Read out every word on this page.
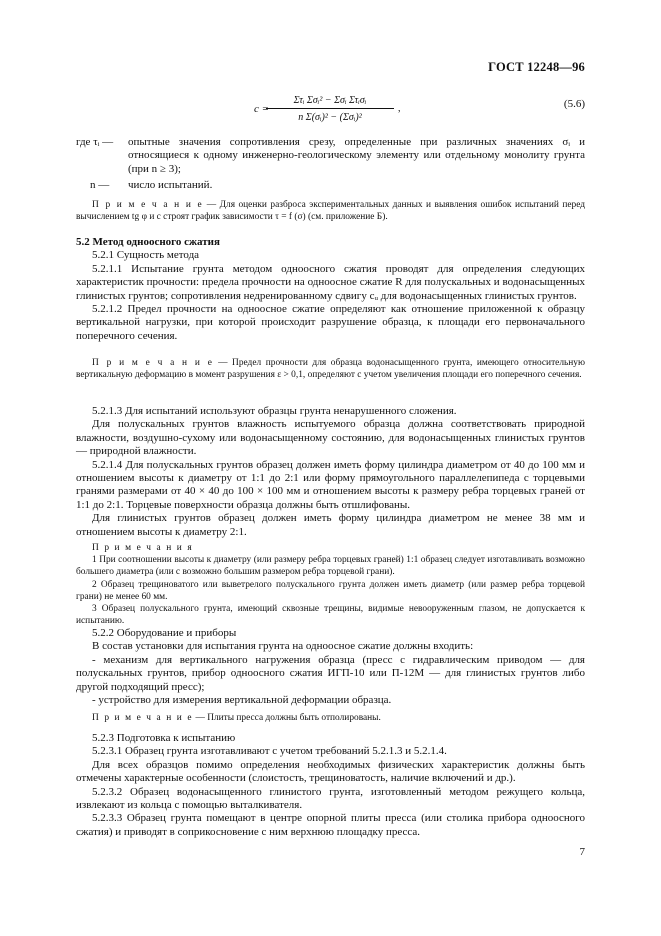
ГОСТ 12248—96
c =
Στᵢ Σσᵢ² − Σσᵢ Στᵢσᵢ
n Σ(σᵢ)² − (Σσᵢ)²
,	(5.6)
где τᵢ —	опытные значения сопротивления срезу, определенные при различных значениях σᵢ и относящиеся к одному инженерно-геологическому элементу или отдельному монолиту грунта (при n ≥ 3);
n —	число испытаний.

П р и м е ч а н и е — Для оценки разброса экспериментальных данных и выявления ошибок испытаний перед вычислением tg φ и c строят график зависимости τ = f (σ) (см. приложение Б).

5.2 Метод одноосного сжатия

5.2.1 Сущность метода

5.2.1.1 Испытание грунта методом одноосного сжатия проводят для определения следующих характеристик прочности: предела прочности на одноосное сжатие R для полускальных и водонасыщенных глинистых грунтов; сопротивления недренированному сдвигу cᵤ для водонасыщенных глинистых грунтов.

5.2.1.2 Предел прочности на одноосное сжатие определяют как отношение приложенной к образцу вертикальной нагрузки, при которой происходит разрушение образца, к площади его первоначального поперечного сечения.

П р и м е ч а н и е — Предел прочности для образца водонасыщенного грунта, имеющего относительную вертикальную деформацию в момент разрушения ε > 0,1, определяют с учетом увеличения площади его поперечного сечения.

5.2.1.3 Для испытаний используют образцы грунта ненарушенного сложения.

Для полускальных грунтов влажность испытуемого образца должна соответствовать природной влажности, воздушно-сухому или водонасыщенному состоянию, для водонасыщенных глинистых грунтов — природной влажности.

5.2.1.4 Для полускальных грунтов образец должен иметь форму цилиндра диаметром от 40 до 100 мм и отношением высоты к диаметру от 1:1 до 2:1 или форму прямоугольного параллелепипеда с торцевыми гранями размерами от 40 × 40 до 100 × 100 мм и отношением высоты к размеру ребра торцевых граней от 1:1 до 2:1. Торцевые поверхности образца должны быть отшлифованы.

Для глинистых грунтов образец должен иметь форму цилиндра диаметром не менее 38 мм и отношением высоты к диаметру 2:1.

П р и м е ч а н и я

1 При соотношении высоты к диаметру (или размеру ребра торцевых граней) 1:1 образец следует изготавливать возможно большего диаметра (или с возможно большим размером ребра торцевой грани).

2 Образец трещиноватого или выветрелого полускального грунта должен иметь диаметр (или размер ребра торцевой грани) не менее 60 мм.

3 Образец полускального грунта, имеющий сквозные трещины, видимые невооруженным глазом, не допускается к испытанию.

5.2.2 Оборудование и приборы

В состав установки для испытания грунта на одноосное сжатие должны входить:

- механизм для вертикального нагружения образца (пресс с гидравлическим приводом — для полускальных грунтов, прибор одноосного сжатия ИГП-10 или П-12М — для глинистых грунтов либо другой подходящий пресс);

- устройство для измерения вертикальной деформации образца.

П р и м е ч а н и е — Плиты пресса должны быть отполированы.

5.2.3 Подготовка к испытанию

5.2.3.1 Образец грунта изготавливают с учетом требований 5.2.1.3 и 5.2.1.4.

Для всех образцов помимо определения необходимых физических характеристик должны быть отмечены характерные особенности (слоистость, трещиноватость, наличие включений и др.).

5.2.3.2 Образец водонасыщенного глинистого грунта, изготовленный методом режущего кольца, извлекают из кольца с помощью выталкивателя.

5.2.3.3 Образец грунта помещают в центре опорной плиты пресса (или столика прибора одноосного сжатия) и приводят в соприкосновение с ним верхнюю площадку пресса.

7
